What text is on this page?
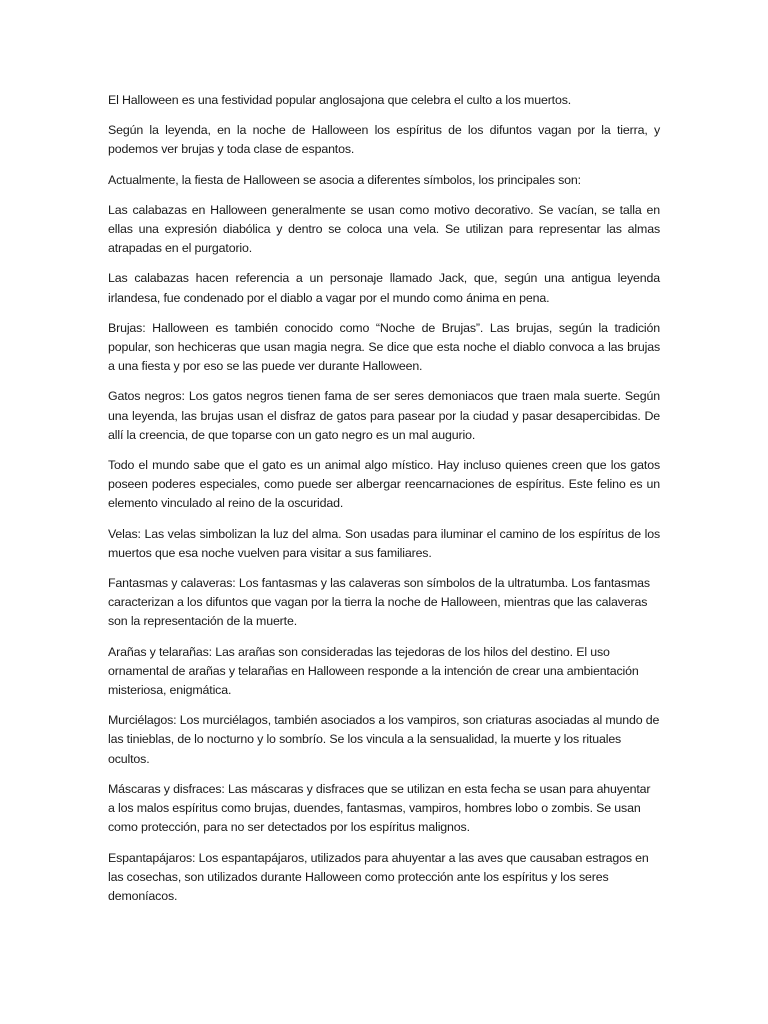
El Halloween es una festividad popular anglosajona que celebra el culto a los muertos.

Según la leyenda, en la noche de Halloween los espíritus de los difuntos vagan por la tierra, y podemos ver brujas y toda clase de espantos.

Actualmente, la fiesta de Halloween se asocia a diferentes símbolos, los principales son:

Las calabazas en Halloween generalmente se usan como motivo decorativo. Se vacían, se talla en ellas una expresión diabólica y dentro se coloca una vela. Se utilizan para representar las almas atrapadas en el purgatorio.

Las calabazas hacen referencia a un personaje llamado Jack, que, según una antigua leyenda irlandesa, fue condenado por el diablo a vagar por el mundo como ánima en pena.

Brujas: Halloween es también conocido como “Noche de Brujas”. Las brujas, según la tradición popular, son hechiceras que usan magia negra. Se dice que esta noche el diablo convoca a las brujas a una fiesta y por eso se las puede ver durante Halloween.

Gatos negros: Los gatos negros tienen fama de ser seres demoniacos que traen mala suerte. Según una leyenda, las brujas usan el disfraz de gatos para pasear por la ciudad y pasar desapercibidas. De allí la creencia, de que toparse con un gato negro es un mal augurio.

Todo el mundo sabe que el gato es un animal algo místico. Hay incluso quienes creen que los gatos poseen poderes especiales, como puede ser albergar reencarnaciones de espíritus. Este felino es un elemento vinculado al reino de la oscuridad.

Velas: Las velas simbolizan la luz del alma. Son usadas para iluminar el camino de los espíritus de los muertos que esa noche vuelven para visitar a sus familiares.

Fantasmas y calaveras: Los fantasmas y las calaveras son símbolos de la ultratumba. Los fantasmas caracterizan a los difuntos que vagan por la tierra la noche de Halloween, mientras que las calaveras son la representación de la muerte.

Arañas y telarañas: Las arañas son consideradas las tejedoras de los hilos del destino. El uso ornamental de arañas y telarañas en Halloween responde a la intención de crear una ambientación misteriosa, enigmática.

Murciélagos: Los murciélagos, también asociados a los vampiros, son criaturas asociadas al mundo de las tinieblas, de lo nocturno y lo sombrío. Se los vincula a la sensualidad, la muerte y los rituales ocultos.

Máscaras y disfraces: Las máscaras y disfraces que se utilizan en esta fecha se usan para ahuyentar a los malos espíritus como brujas, duendes, fantasmas, vampiros, hombres lobo o zombis. Se usan como protección, para no ser detectados por los espíritus malignos.

Espantapájaros: Los espantapájaros, utilizados para ahuyentar a las aves que causaban estragos en las cosechas, son utilizados durante Halloween como protección ante los espíritus y los seres demoníacos.
